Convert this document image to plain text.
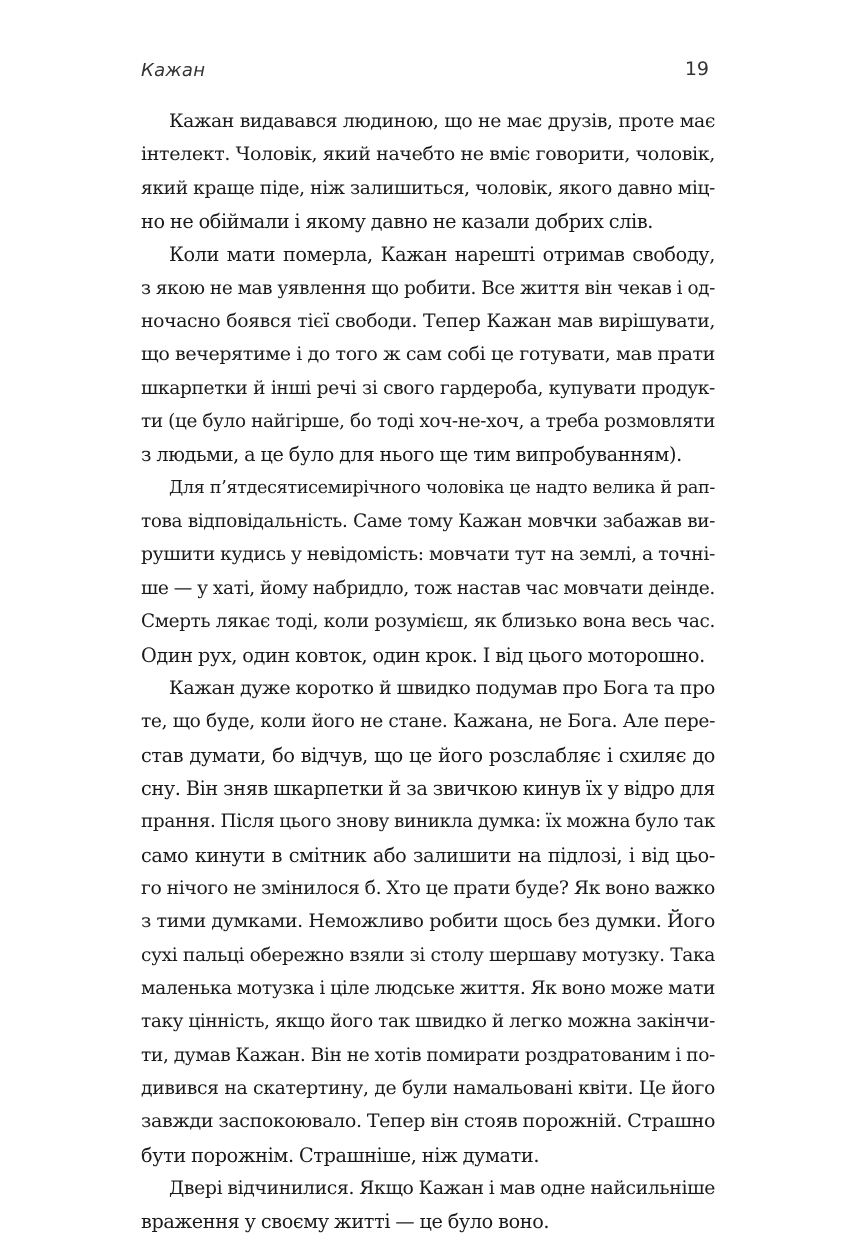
Кажан	19
Кажан видавався людиною, що не має друзів, проте має
інтелект. Чоловік, який начебто не вміє говорити, чоловік,
який краще піде, ніж залишиться, чоловік, якого давно міц-
но не обіймали і якому давно не казали добрих слів.
Коли мати померла, Кажан нарешті отримав свободу,
з якою не мав уявлення що робити. Все життя він чекав і од-
ночасно боявся тієї свободи. Тепер Кажан мав вирішувати,
що вечерятиме і до того ж сам собі це готувати, мав прати
шкарпетки й інші речі зі свого гардероба, купувати продук-
ти (це було найгірше, бо тоді хоч-не-хоч, а треба розмовляти
з людьми, а це було для нього ще тим випробуванням).
Для п’ятдесятисемирічного чоловіка це надто велика й рап-
това відповідальність. Саме тому Кажан мовчки забажав ви-
рушити кудись у невідомість: мовчати тут на землі, а точні-
ше — у хаті, йому набридло, тож настав час мовчати деінде.
Смерть лякає тоді, коли розумієш, як близько вона весь час.
Один рух, один ковток, один крок. І від цього моторошно.
Кажан дуже коротко й швидко подумав про Бога та про
те, що буде, коли його не стане. Кажана, не Бога. Але пере-
став думати, бо відчув, що це його розслабляє і схиляє до
сну. Він зняв шкарпетки й за звичкою кинув їх у відро для
прання. Після цього знову виникла думка: їх можна було так
само кинути в смітник або залишити на підлозі, і від цьо-
го нічого не змінилося б. Хто це прати буде? Як воно важко
з тими думками. Неможливо робити щось без думки. Його
сухі пальці обережно взяли зі столу шершаву мотузку. Така
маленька мотузка і ціле людське життя. Як воно може мати
таку цінність, якщо його так швидко й легко можна закінчи-
ти, думав Кажан. Він не хотів помирати роздратованим і по-
дивився на скатертину, де були намальовані квіти. Це його
завжди заспокоювало. Тепер він стояв порожній. Страшно
бути порожнім. Страшніше, ніж думати.
Двері відчинилися. Якщо Кажан і мав одне найсильніше
враження у своєму житті — це було воно.
